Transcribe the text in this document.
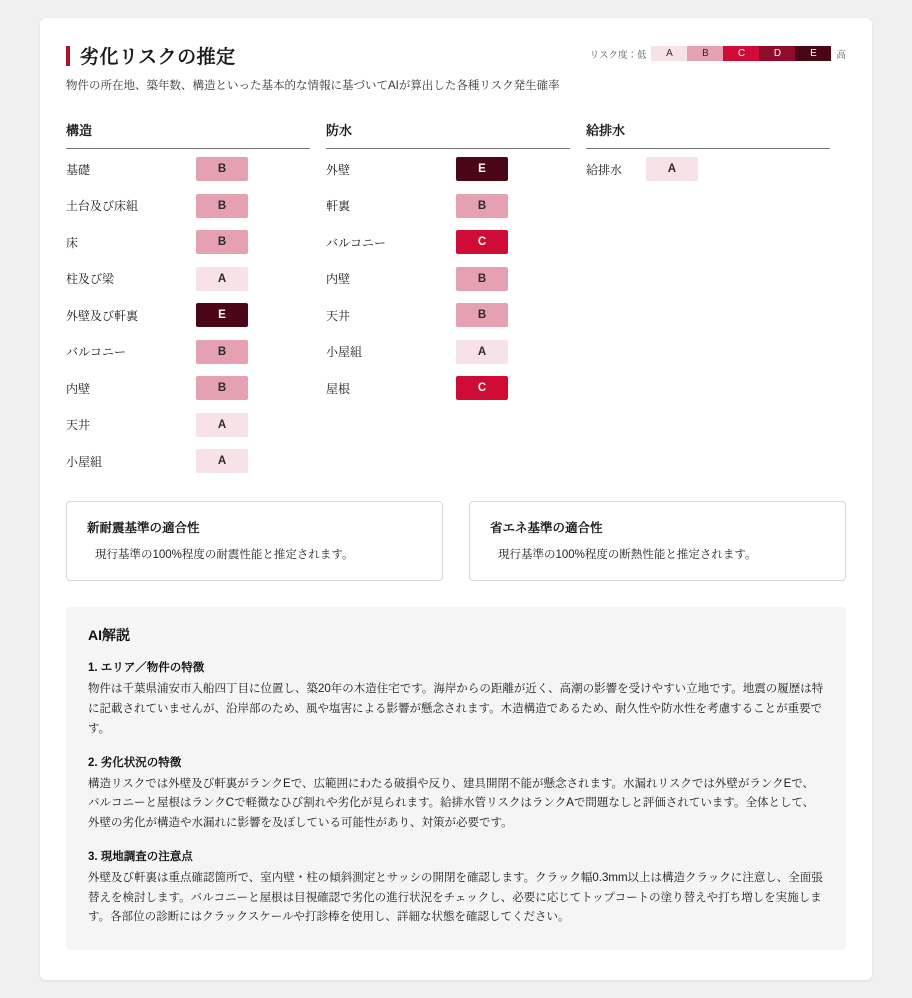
劣化リスクの推定
物件の所在地、築年数、構造といった基本的な情報に基づいてAIが算出した各種リスク発生確率
リスク度：低	A	B	C	D	E	高
構造
基礎	B
土台及び床組	B
床	B
柱及び梁	A
外壁及び軒裏	E
バルコニー	B
内壁	B
天井	A
小屋組	A
防水
外壁	E
軒裏	B
バルコニー	C
内壁	B
天井	B
小屋組	A
屋根	C
給排水
給排水	A
新耐震基準の適合性
現行基準の100%程度の耐震性能と推定されます。
省エネ基準の適合性
現行基準の100%程度の断熱性能と推定されます。
AI解説
1. エリア／物件の特徴
物件は千葉県浦安市入船四丁目に位置し、築20年の木造住宅です。海岸からの距離が近く、高潮の影響を受けやすい立地です。地震の履歴は特に記載されていませんが、沿岸部のため、風や塩害による影響が懸念されます。木造構造であるため、耐久性や防水性を考慮することが重要です。
2. 劣化状況の特徴
構造リスクでは外壁及び軒裏がランクEで、広範囲にわたる破損や反り、建具開閉不能が懸念されます。水漏れリスクでは外壁がランクEで、バルコニーと屋根はランクCで軽微なひび割れや劣化が見られます。給排水管リスクはランクAで問題なしと評価されています。全体として、外壁の劣化が構造や水漏れに影響を及ぼしている可能性があり、対策が必要です。
3. 現地調査の注意点
外壁及び軒裏は重点確認箇所で、室内壁・柱の傾斜測定とサッシの開閉を確認します。クラック幅0.3mm以上は構造クラックに注意し、全面張替えを検討します。バルコニーと屋根は目視確認で劣化の進行状況をチェックし、必要に応じてトップコートの塗り替えや打ち増しを実施します。各部位の診断にはクラックスケールや打診棒を使用し、詳細な状態を確認してください。
